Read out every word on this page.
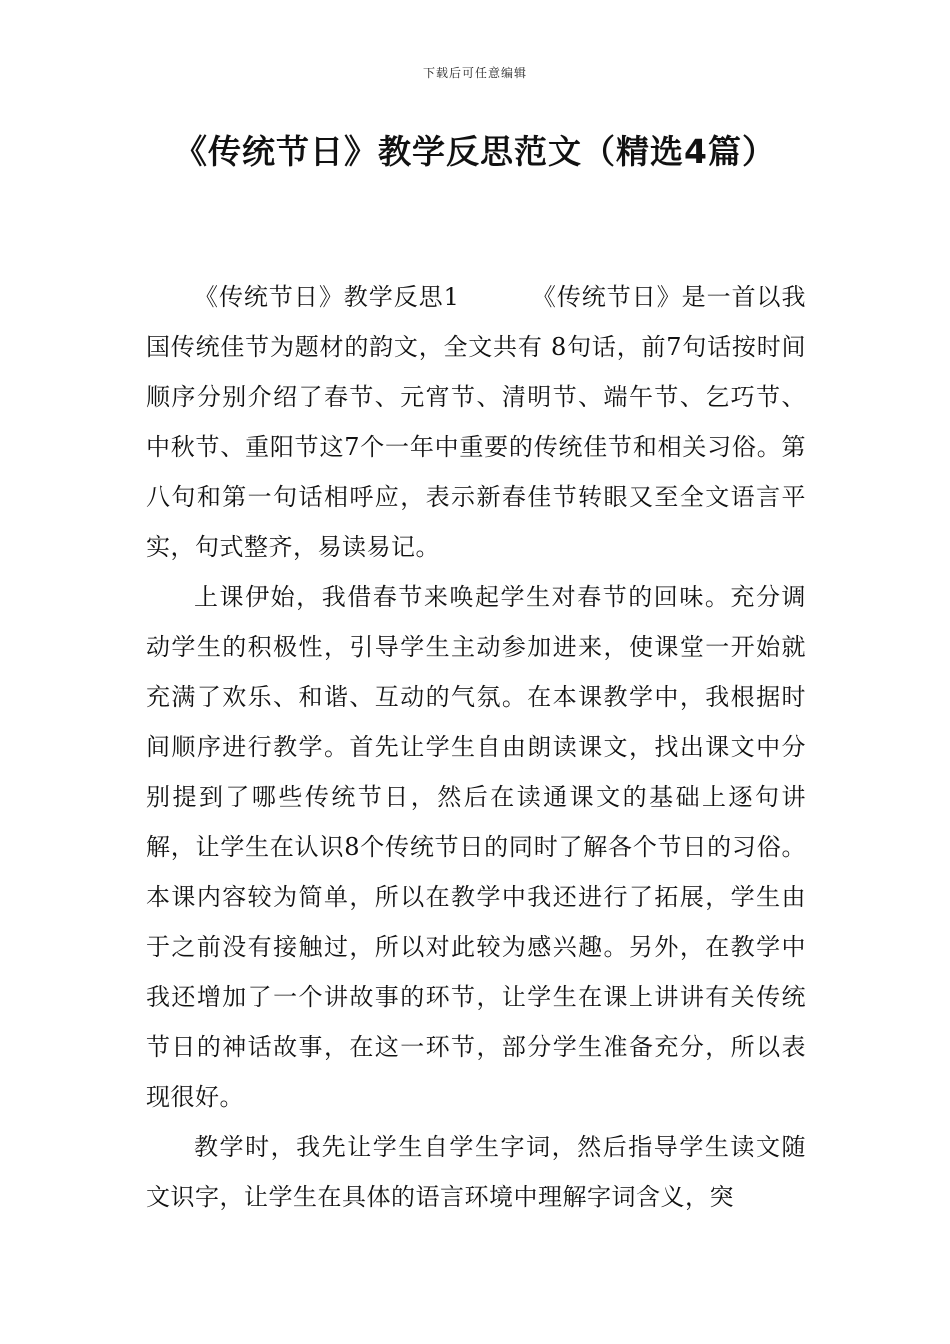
下载后可任意编辑
《传统节日》教学反思范文（精选4篇）

《传统节日》教学反思1	《传统节日》是一首以我国传统佳节为题材的韵文，全文共有 8句话，前7句话按时间顺序分别介绍了春节、元宵节、清明节、端午节、乞巧节、中秋节、重阳节这7个一年中重要的传统佳节和相关习俗。第八句和第一句话相呼应，表示新春佳节转眼又至全文语言平实，句式整齐，易读易记。

上课伊始，我借春节来唤起学生对春节的回味。充分调动学生的积极性，引导学生主动参加进来，使课堂一开始就充满了欢乐、和谐、互动的气氛。在本课教学中，我根据时间顺序进行教学。首先让学生自由朗读课文，找出课文中分别提到了哪些传统节日，然后在读通课文的基础上逐句讲解，让学生在认识8个传统节日的同时了解各个节日的习俗。本课内容较为简单，所以在教学中我还进行了拓展，学生由于之前没有接触过，所以对此较为感兴趣。另外，在教学中我还增加了一个讲故事的环节，让学生在课上讲讲有关传统节日的神话故事，在这一环节，部分学生准备充分，所以表现很好。

教学时，我先让学生自学生字词，然后指导学生读文随文识字，让学生在具体的语言环境中理解字词含义，突
